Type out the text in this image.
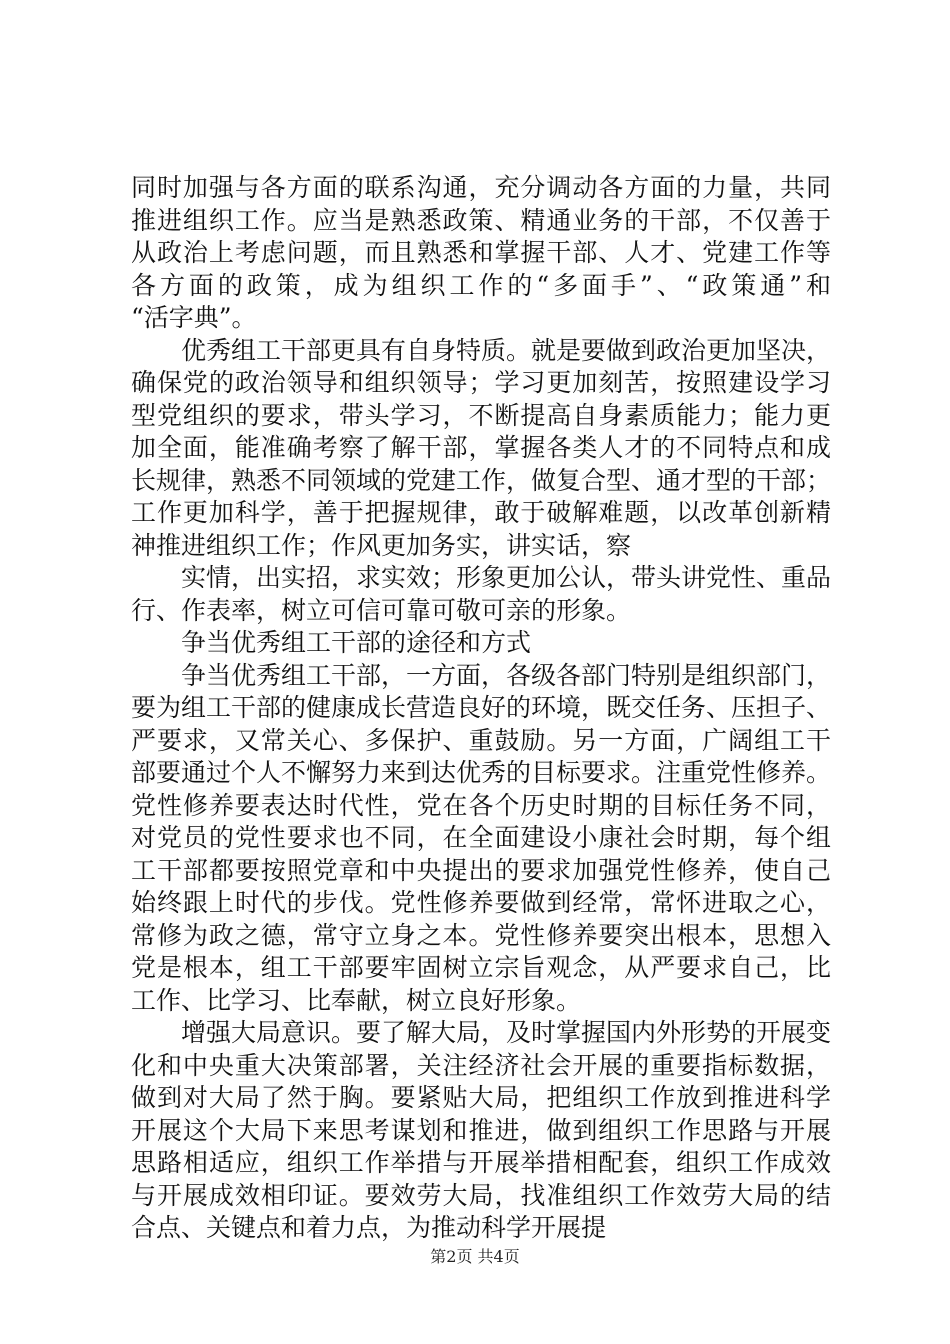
同时加强与各方面的联系沟通，充分调动各方面的力量，共同
推进组织工作。应当是熟悉政策、精通业务的干部，不仅善于
从政治上考虑问题，而且熟悉和掌握干部、人才、党建工作等
各方面的政策，成为组织工作的“多面手”、“政策通”和
“活字典”。
优秀组工干部更具有自身特质。就是要做到政治更加坚决，
确保党的政治领导和组织领导；学习更加刻苦，按照建设学习
型党组织的要求，带头学习，不断提高自身素质能力；能力更
加全面，能准确考察了解干部，掌握各类人才的不同特点和成
长规律，熟悉不同领域的党建工作，做复合型、通才型的干部；
工作更加科学，善于把握规律，敢于破解难题，以改革创新精
神推进组织工作；作风更加务实，讲实话，察
实情，出实招，求实效；形象更加公认，带头讲党性、重品
行、作表率，树立可信可靠可敬可亲的形象。
争当优秀组工干部的途径和方式
争当优秀组工干部，一方面，各级各部门特别是组织部门，
要为组工干部的健康成长营造良好的环境，既交任务、压担子、
严要求，又常关心、多保护、重鼓励。另一方面，广阔组工干
部要通过个人不懈努力来到达优秀的目标要求。注重党性修养。
党性修养要表达时代性，党在各个历史时期的目标任务不同，
对党员的党性要求也不同，在全面建设小康社会时期，每个组
工干部都要按照党章和中央提出的要求加强党性修养，使自己
始终跟上时代的步伐。党性修养要做到经常，常怀进取之心，
常修为政之德，常守立身之本。党性修养要突出根本，思想入
党是根本，组工干部要牢固树立宗旨观念，从严要求自己，比
工作、比学习、比奉献，树立良好形象。
增强大局意识。要了解大局，及时掌握国内外形势的开展变
化和中央重大决策部署，关注经济社会开展的重要指标数据，
做到对大局了然于胸。要紧贴大局，把组织工作放到推进科学
开展这个大局下来思考谋划和推进，做到组织工作思路与开展
思路相适应，组织工作举措与开展举措相配套，组织工作成效
与开展成效相印证。要效劳大局，找准组织工作效劳大局的结
合点、关键点和着力点，为推动科学开展提
第2页 共4页
